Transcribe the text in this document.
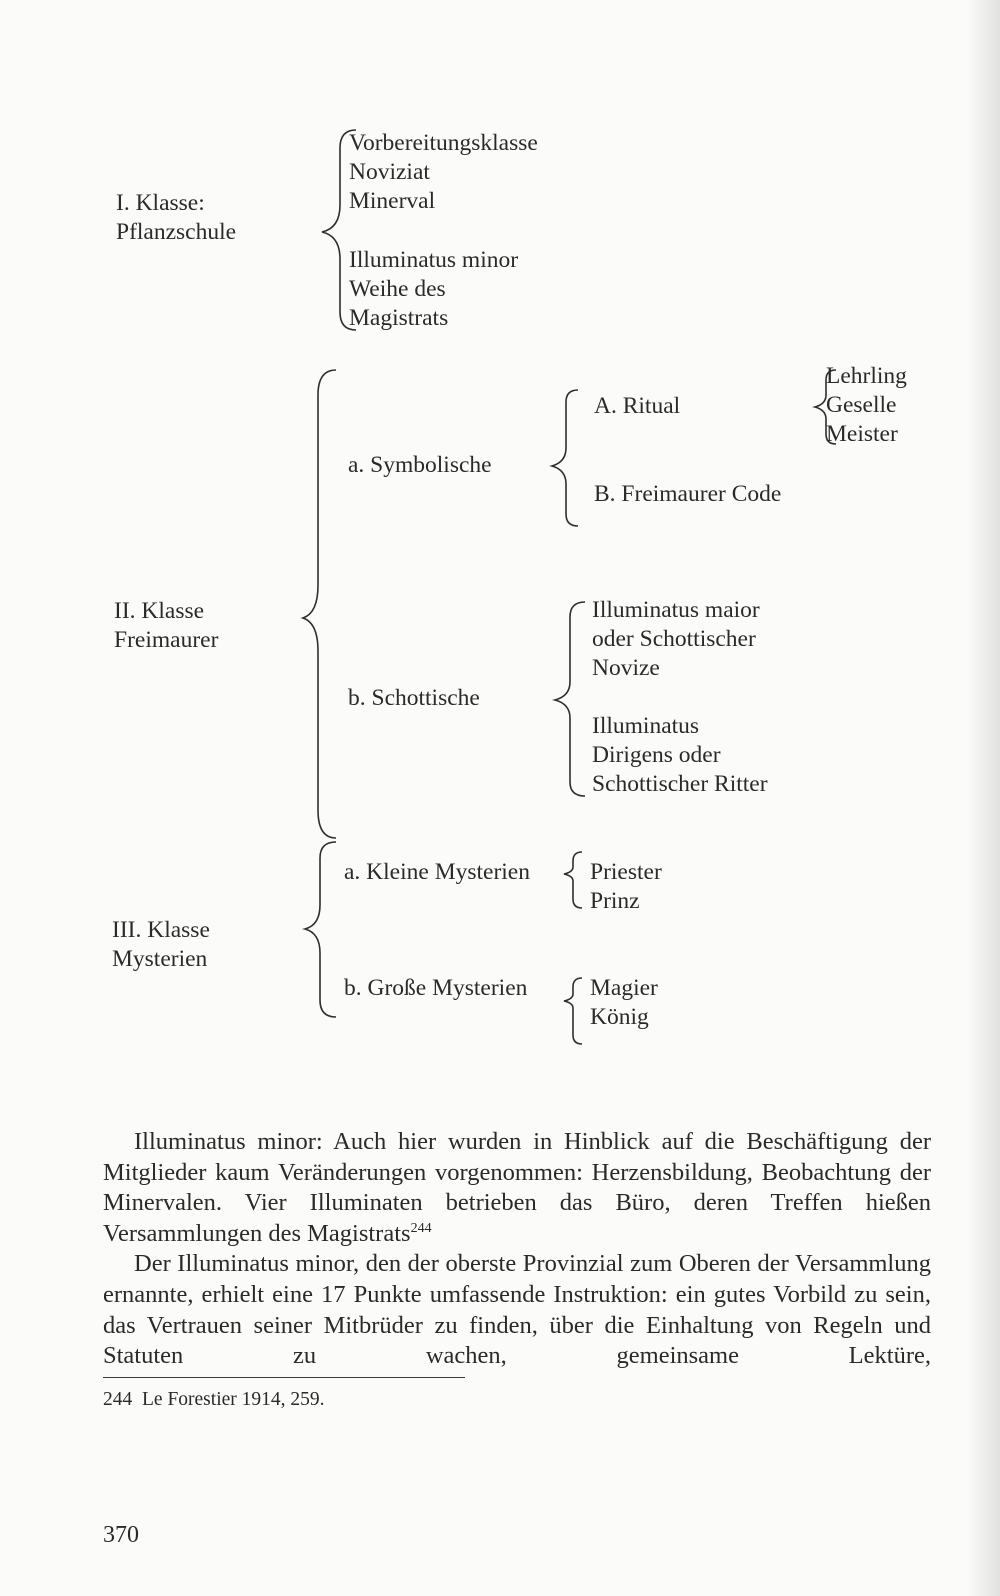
I. Klasse:
Pflanzschule
Vorbereitungsklasse
Noviziat
Minerval
Illuminatus minor
Weihe des
Magistrats
II. Klasse
Freimaurer
a. Symbolische
A. Ritual
Lehrling
Geselle
Meister
B. Freimaurer Code
b. Schottische
Illuminatus maior
oder Schottischer
Novize
Illuminatus
Dirigens oder
Schottischer Ritter
III. Klasse
Mysterien
a. Kleine Mysterien	Priester
Prinz
b. Große Mysterien	Magier
König

Illuminatus minor: Auch hier wurden in Hinblick auf die Beschäftigung der Mitglieder kaum Veränderungen vorgenommen: Herzensbildung, Beobachtung der Minervalen. Vier Illuminaten betrieben das Büro, deren Treffen hießen Versammlungen des Magistrats$^{244}$

Der Illuminatus minor, den der oberste Provinzial zum Oberen der Versammlung ernannte, erhielt eine 17 Punkte umfassende Instruktion: ein gutes Vorbild zu sein, das Vertrauen seiner Mitbrüder zu finden, über die Einhaltung von Regeln und Statuten zu wachen, gemeinsame Lektüre,

244 Le Forestier 1914, 259.
370
